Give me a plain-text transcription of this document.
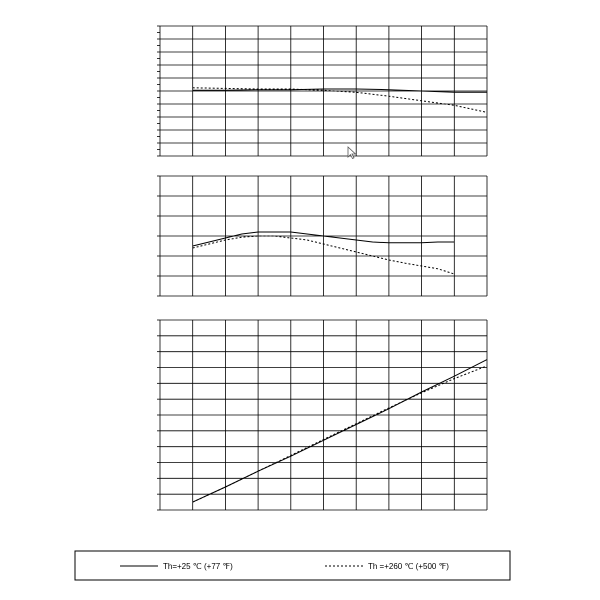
Th=+25 ℃ (+77 ℉)	Th =+260 ℃ (+500 ℉)
